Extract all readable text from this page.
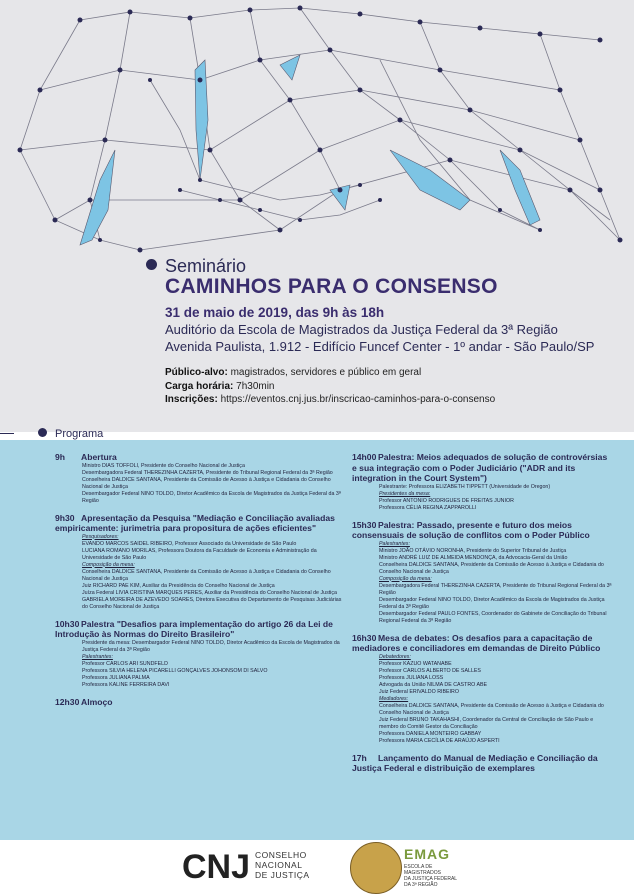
Seminário
CAMINHOS PARA O CONSENSO
31 de maio de 2019, das 9h às 18h
Auditório da Escola de Magistrados da Justiça Federal da 3ª Região
Avenida Paulista, 1.912 - Edifício Funcef Center - 1º andar - São Paulo/SP
Público-alvo: magistrados, servidores e público em geral
Carga horária: 7h30min
Inscrições: https://eventos.cnj.jus.br/inscricao-caminhos-para-o-consenso
Programa
9h Abertura
Ministro DIAS TOFFOLI, Presidente do Conselho Nacional de Justiça
Desembargadora Federal THEREZINHA CAZERTA, Presidente do Tribunal Regional Federal da 3ª Região
Conselheira DALDICE SANTANA, Presidente da Comissão de Acesso à Justiça e Cidadania do Conselho Nacional de Justiça
Desembargador Federal NINO TOLDO, Diretor Acadêmico da Escola de Magistrados da Justiça Federal da 3ª Região
9h30 Apresentação da Pesquisa "Mediação e Conciliação avaliadas empiricamente: jurimetria para propositura de ações eficientes"
Pesquisadores:
EVANDO MARCOS SAIDEL RIBEIRO, Professor Associado da Universidade de São Paulo
LUCIANA ROMANO MORILAS, Professora Doutora da Faculdade de Economia e Administração da Universidade de São Paulo
Composição da mesa:
Conselheira DALDICE SANTANA, Presidente da Comissão de Acesso à Justiça e Cidadania do Conselho Nacional de Justiça
Juiz RICHARD PAE KIM, Auxiliar da Presidência do Conselho Nacional de Justiça
Juíza Federal LIVIA CRISTINA MARQUES PERES, Auxiliar da Presidência do Conselho Nacional de Justiça
GABRIELA MOREIRA DE AZEVEDO SOARES, Diretora Executiva do Departamento de Pesquisas Judiciárias do Conselho Nacional de Justiça
10h30 Palestra "Desafios para implementação do artigo 26 da Lei de Introdução às Normas do Direito Brasileiro"
Presidente da mesa: Desembargador Federal NINO TOLDO, Diretor Acadêmico da Escola de Magistrados da Justiça Federal da 3ª Região
Palestrantes:
Professor CARLOS ARI SUNDFELD
Professora SILVIA HELENA PICARELLI GONÇALVES JOHONSOM DI SALVO
Professora JULIANA PALMA
Professora KALINE FERREIRA DAVI
12h30 Almoço
14h00 Palestra: Meios adequados de solução de controvérsias e sua integração com o Poder Judiciário ("ADR and its integration in the Court System")
Palestrante: Professora ELIZABETH TIPPETT (Universidade de Oregon)
Presidentes da mesa:
Professor ANTONIO RODRIGUES DE FREITAS JUNIOR
Professora CÉLIA REGINA ZAPPAROLLI
15h30 Palestra: Passado, presente e futuro dos meios consensuais de solução de conflitos com o Poder Público
Palestrantes:
Ministro JOÃO OTÁVIO NORONHA, Presidente do Superior Tribunal de Justiça
Ministro ANDRÉ LUIZ DE ALMEIDA MENDONÇA, da Advocacia-Geral da União
Conselheira DALDICE SANTANA, Presidente da Comissão de Acesso à Justiça e Cidadania do Conselho Nacional de Justiça
Composição da mesa:
Desembargadora Federal THEREZINHA CAZERTA, Presidente do Tribunal Regional Federal da 3ª Região
Desembargador Federal NINO TOLDO, Diretor Acadêmico da Escola de Magistrados da Justiça Federal da 3ª Região
Desembargador Federal PAULO FONTES, Coordenador do Gabinete de Conciliação do Tribunal Regional Federal da 3ª Região
16h30 Mesa de debates: Os desafios para a capacitação de mediadores e conciliadores em demandas de Direito Público
Debatedores:
Professor KAZUO WATANABE
Professor CARLOS ALBERTO DE SALLES
Professora JULIANA LOSS
Advogada da União NILMA DE CASTRO ABE
Juiz Federal ERIVALDO RIBEIRO
Mediadores:
Conselheira DALDICE SANTANA, Presidente da Comissão de Acesso à Justiça e Cidadania do Conselho Nacional de Justiça
Juiz Federal BRUNO TAKAHASHI, Coordenador da Central de Conciliação de São Paulo e membro do Comitê Gestor da Conciliação
Professora DANIELA MONTEIRO GABBAY
Professora MARIA CECÍLIA DE ARAÚJO ASPERTI
17h Lançamento do Manual de Mediação e Conciliação da Justiça Federal e distribuição de exemplares
CNJ CONSELHO
NACIONAL
DE JUSTIÇA
EMAG
ESCOLA DE MAGISTRADOS
DA JUSTIÇA FEDERAL
DA 3ª REGIÃO
